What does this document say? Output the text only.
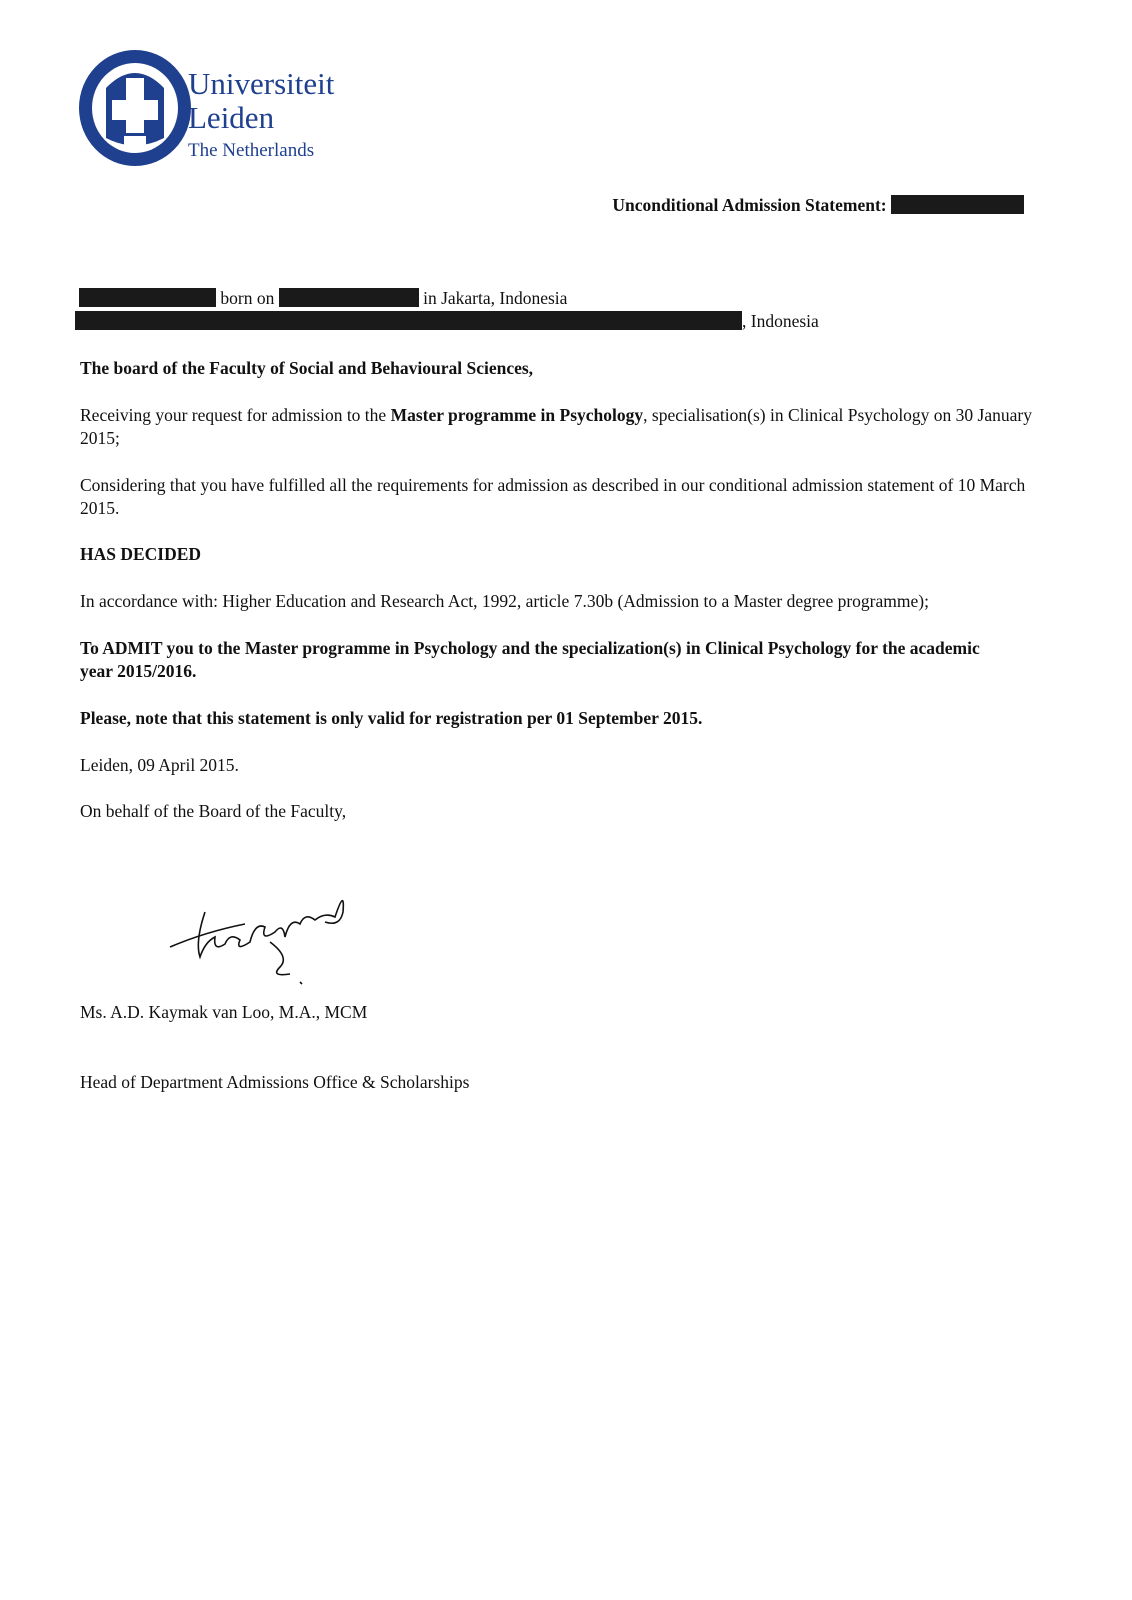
Universiteit
Leiden
The Netherlands
Unconditional Admission Statement:
born on	in Jakarta, Indonesia
, Indonesia
The board of the Faculty of Social and Behavioural Sciences,
Receiving your request for admission to the Master programme in Psychology, specialisation(s) in Clinical Psychology on 30 January 2015;
Considering that you have fulfilled all the requirements for admission as described in our conditional admission statement of 10 March 2015.
HAS DECIDED
In accordance with: Higher Education and Research Act, 1992, article 7.30b (Admission to a Master degree programme);
To ADMIT you to the Master programme in Psychology and the specialization(s) in Clinical Psychology for the academic year 2015/2016.
Please, note that this statement is only valid for registration per 01 September 2015.
Leiden, 09 April 2015.
On behalf of the Board of the Faculty,
Ms. A.D. Kaymak van Loo, M.A., MCM
Head of Department Admissions Office & Scholarships
